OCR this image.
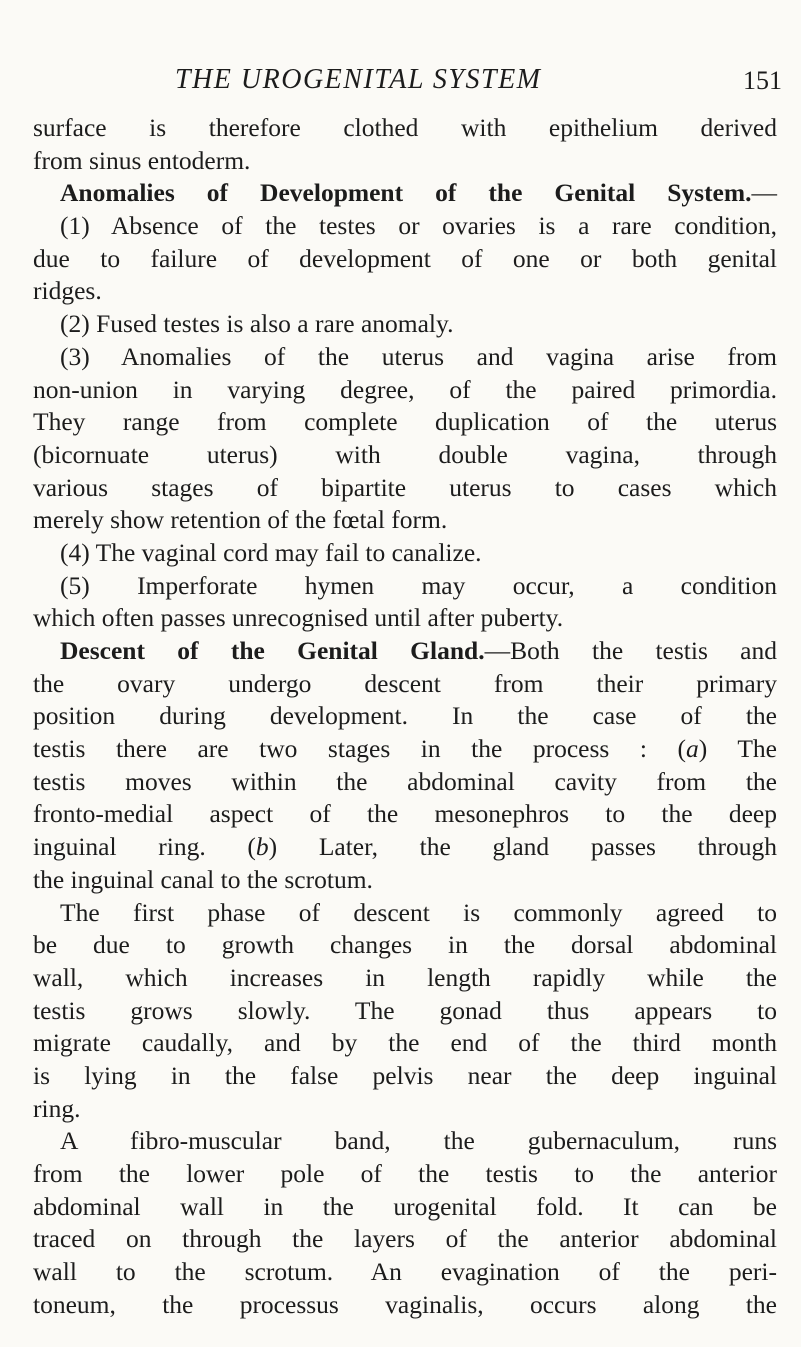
THE UROGENITAL SYSTEM	151
surface is therefore clothed with epithelium derived
from sinus entoderm.
Anomalies of Development of the Genital System.—
(1) Absence of the testes or ovaries is a rare condition,
due to failure of development of one or both genital
ridges.
(2) Fused testes is also a rare anomaly.
(3) Anomalies of the uterus and vagina arise from
non-union in varying degree, of the paired primordia.
They range from complete duplication of the uterus
(bicornuate uterus) with double vagina, through
various stages of bipartite uterus to cases which
merely show retention of the fœtal form.
(4) The vaginal cord may fail to canalize.
(5) Imperforate hymen may occur, a condition
which often passes unrecognised until after puberty.
Descent of the Genital Gland.—Both the testis and
the ovary undergo descent from their primary
position during development. In the case of the
testis there are two stages in the process : (a) The
testis moves within the abdominal cavity from the
fronto-medial aspect of the mesonephros to the deep
inguinal ring. (b) Later, the gland passes through
the inguinal canal to the scrotum.
The first phase of descent is commonly agreed to
be due to growth changes in the dorsal abdominal
wall, which increases in length rapidly while the
testis grows slowly. The gonad thus appears to
migrate caudally, and by the end of the third month
is lying in the false pelvis near the deep inguinal
ring.
A fibro-muscular band, the gubernaculum, runs
from the lower pole of the testis to the anterior
abdominal wall in the urogenital fold. It can be
traced on through the layers of the anterior abdominal
wall to the scrotum. An evagination of the peri-
toneum, the processus vaginalis, occurs along the
